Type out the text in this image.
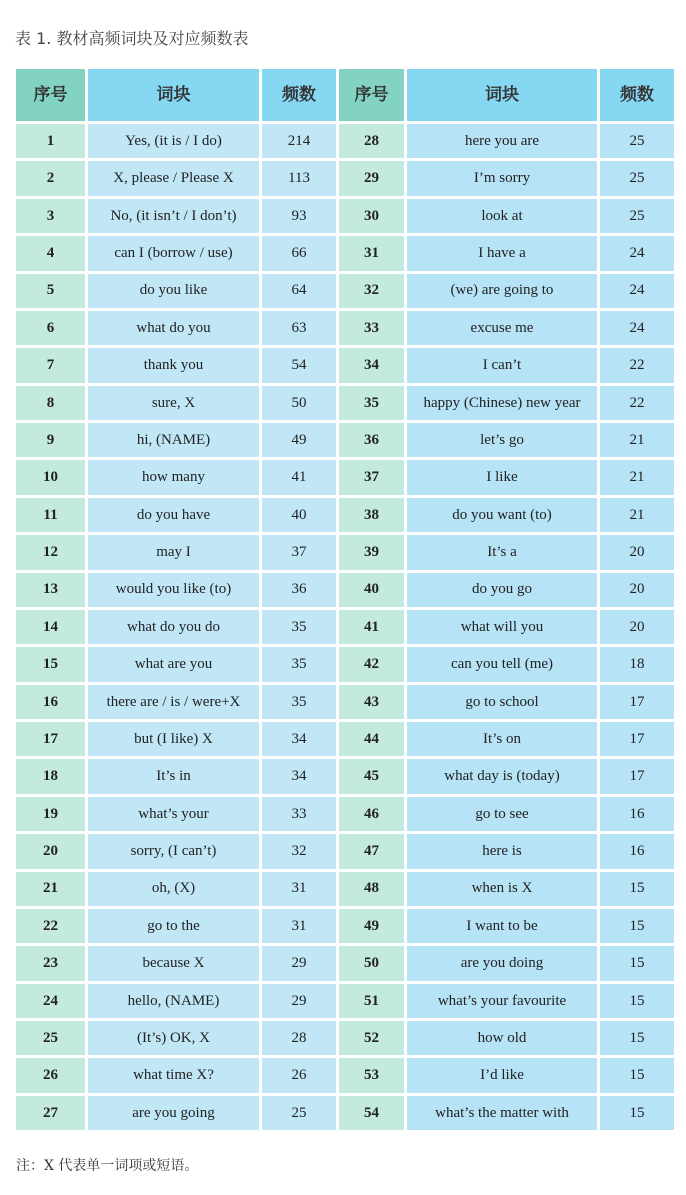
表 1. 教材高频词块及对应频数表
序号	词块	频数	序号	词块	频数
1	Yes, (it is / I do)	214	28	here you are	25
2	X, please / Please X	113	29	I’m sorry	25
3	No, (it isn’t / I don’t)	93	30	look at	25
4	can I (borrow / use)	66	31	I have a	24
5	do you like	64	32	(we) are going to	24
6	what do you	63	33	excuse me	24
7	thank you	54	34	I can’t	22
8	sure, X	50	35	happy (Chinese) new year	22
9	hi, (NAME)	49	36	let’s go	21
10	how many	41	37	I like	21
11	do you have	40	38	do you want (to)	21
12	may I	37	39	It’s a	20
13	would you like (to)	36	40	do you go	20
14	what do you do	35	41	what will you	20
15	what are you	35	42	can you tell (me)	18
16	there are / is / were+X	35	43	go to school	17
17	but (I like) X	34	44	It’s on	17
18	It’s in	34	45	what day is (today)	17
19	what’s your	33	46	go to see	16
20	sorry, (I can’t)	32	47	here is	16
21	oh, (X)	31	48	when is X	15
22	go to the	31	49	I want to be	15
23	because X	29	50	are you doing	15
24	hello, (NAME)	29	51	what’s your favourite	15
25	(It’s) OK, X	28	52	how old	15
26	what time X?	26	53	I’d like	15
27	are you going	25	54	what’s the matter with	15
注：X 代表单一词项或短语。
